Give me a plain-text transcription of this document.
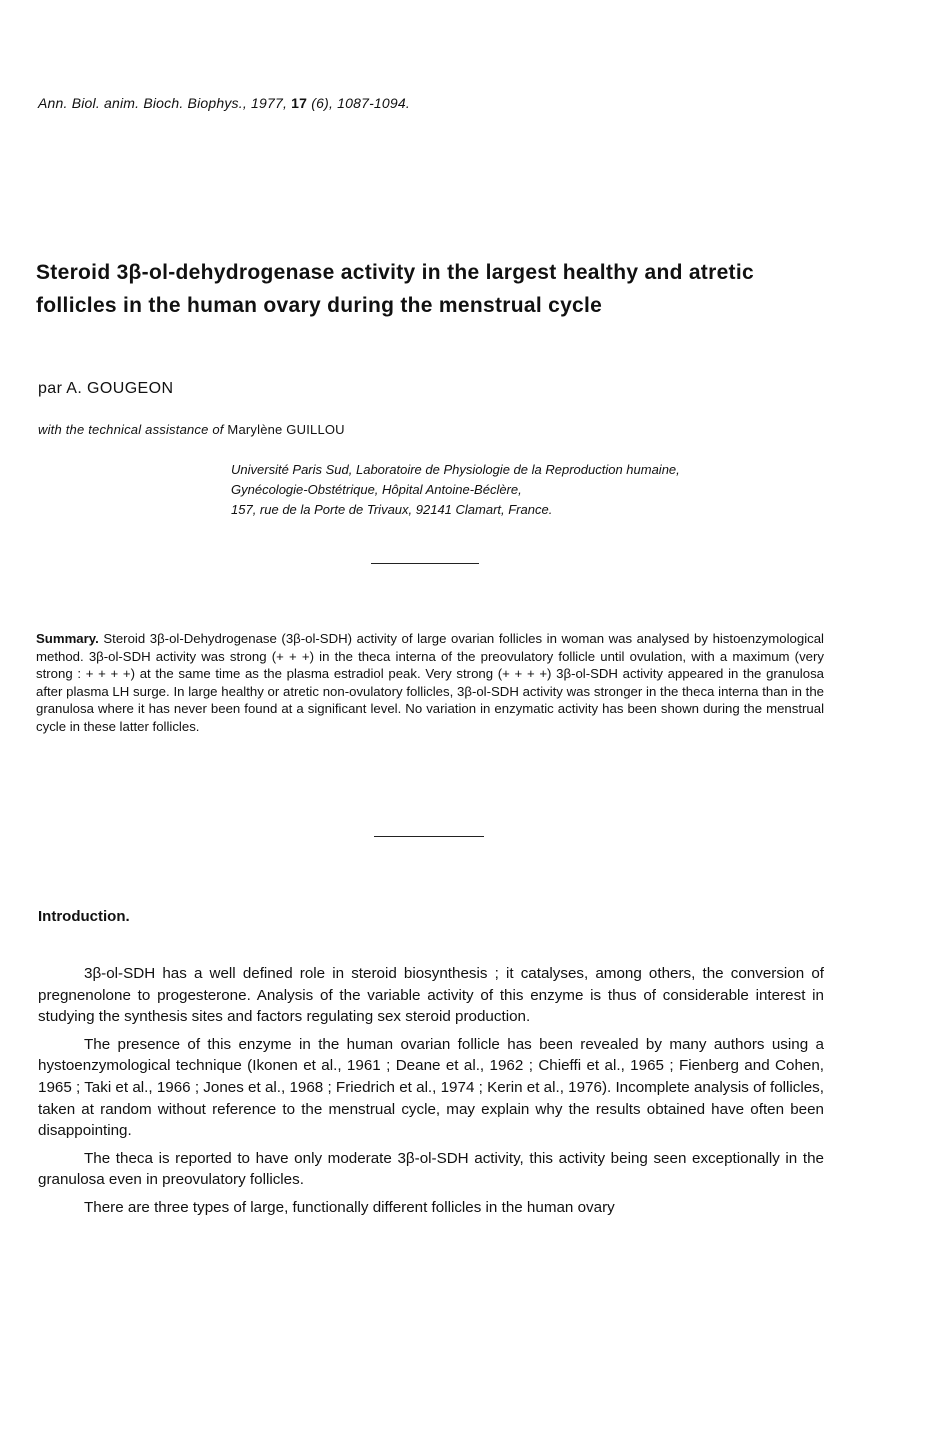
Ann. Biol. anim. Bioch. Biophys., 1977, 17 (6), 1087-1094.
Steroid 3β-ol-dehydrogenase activity in the largest healthy and atretic follicles in the human ovary during the menstrual cycle
par A. GOUGEON
with the technical assistance of Marylène GUILLOU
Université Paris Sud, Laboratoire de Physiologie de la Reproduction humaine,
Gynécologie-Obstétrique, Hôpital Antoine-Béclère,
157, rue de la Porte de Trivaux, 92141 Clamart, France.
Summary. Steroid 3β-ol-Dehydrogenase (3β-ol-SDH) activity of large ovarian follicles in woman was analysed by histoenzymological method. 3β-ol-SDH activity was strong (+ + +) in the theca interna of the preovulatory follicle until ovulation, with a maximum (very strong : + + + +) at the same time as the plasma estradiol peak. Very strong (+ + + +) 3β-ol-SDH activity appeared in the granulosa after plasma LH surge. In large healthy or atretic non-ovulatory follicles, 3β-ol-SDH activity was stronger in the theca interna than in the granulosa where it has never been found at a significant level. No variation in enzymatic activity has been shown during the menstrual cycle in these latter follicles.
Introduction.

3β-ol-SDH has a well defined role in steroid biosynthesis ; it catalyses, among others, the conversion of pregnenolone to progesterone. Analysis of the variable activity of this enzyme is thus of considerable interest in studying the synthesis sites and factors regulating sex steroid production.

The presence of this enzyme in the human ovarian follicle has been revealed by many authors using a hystoenzymological technique (Ikonen et al., 1961 ; Deane et al., 1962 ; Chieffi et al., 1965 ; Fienberg and Cohen, 1965 ; Taki et al., 1966 ; Jones et al., 1968 ; Friedrich et al., 1974 ; Kerin et al., 1976). Incomplete analysis of follicles, taken at random without reference to the menstrual cycle, may explain why the results obtained have often been disappointing.

The theca is reported to have only moderate 3β-ol-SDH activity, this activity being seen exceptionally in the granulosa even in preovulatory follicles.

There are three types of large, functionally different follicles in the human ovary
